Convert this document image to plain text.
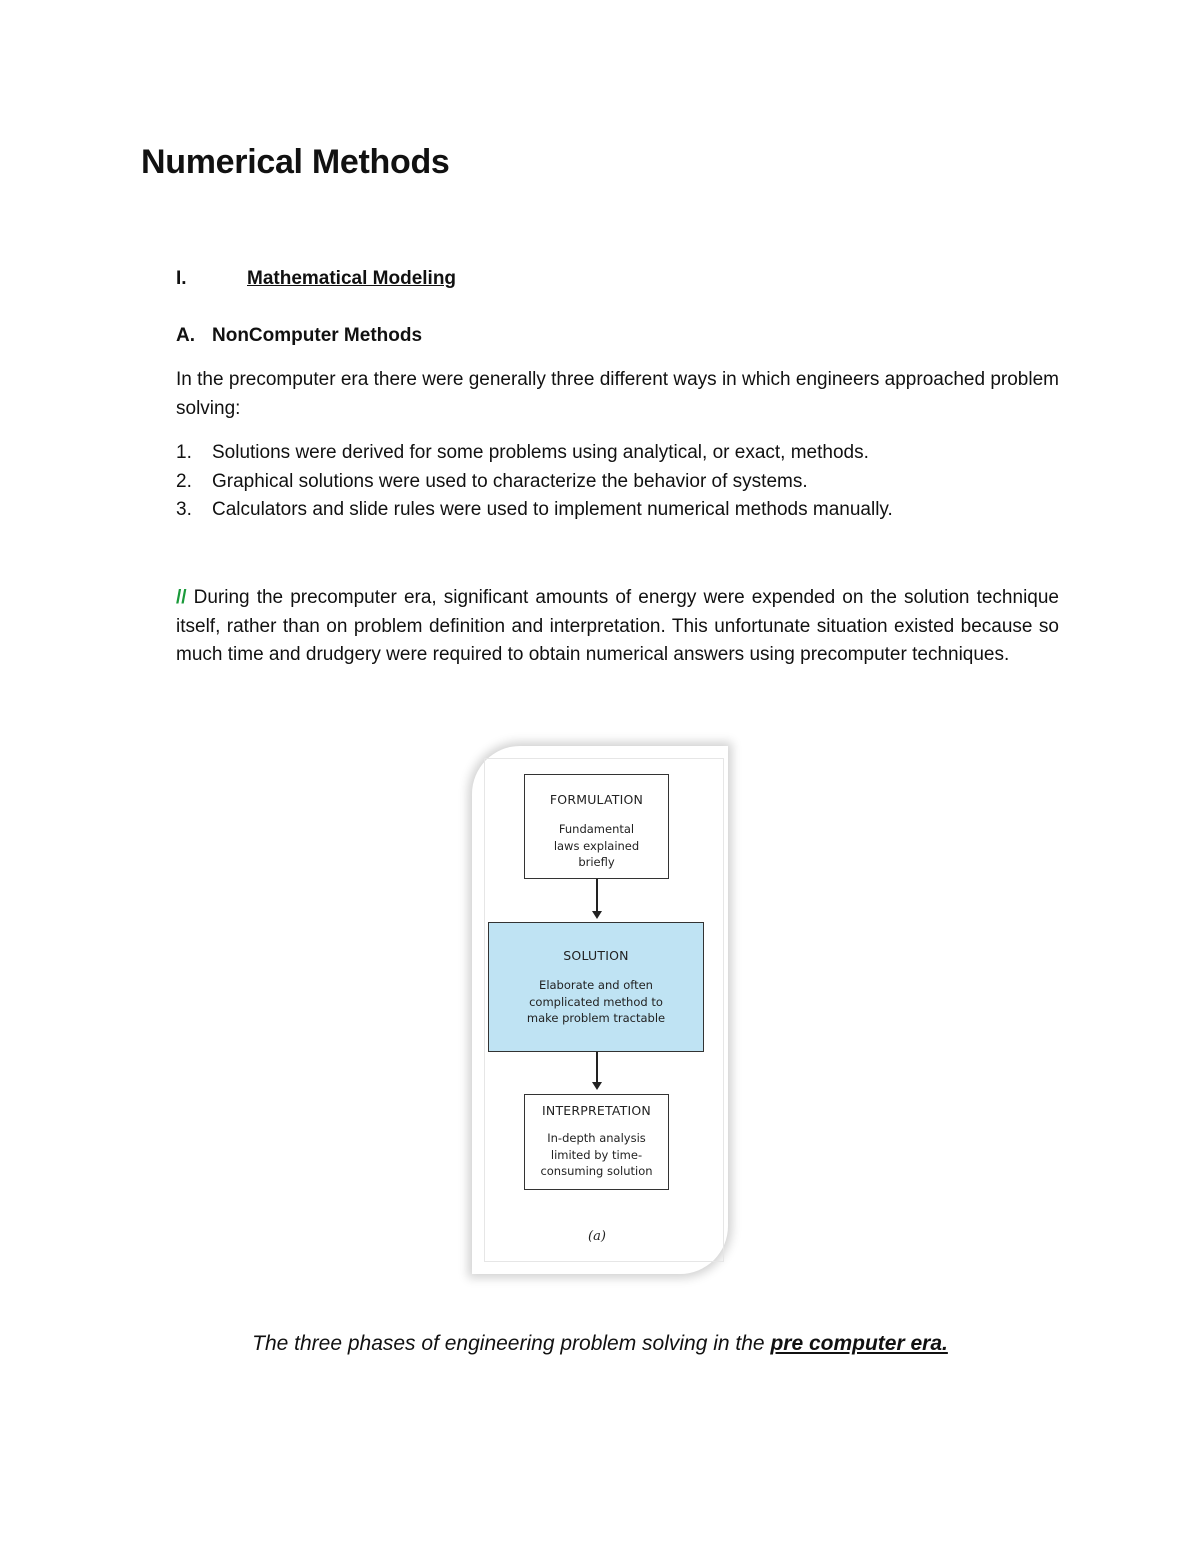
Numerical Methods
I.	Mathematical Modeling
A. NonComputer Methods

In the precomputer era there were generally three different ways in which engineers approached problem solving:

1. Solutions were derived for some problems using analytical, or exact, methods.
2. Graphical solutions were used to characterize the behavior of systems.
3. Calculators and slide rules were used to implement numerical methods manually.

// During the precomputer era, significant amounts of energy were expended on the solution technique itself, rather than on problem definition and interpretation. This unfortunate situation existed because so much time and drudgery were required to obtain numerical answers using precomputer techniques.

FORMULATION
Fundamental
laws explained
briefly
SOLUTION
Elaborate and often
complicated method to
make problem tractable
INTERPRETATION
In-depth analysis
limited by time-
consuming solution
(a)
The three phases of engineering problem solving in the pre computer era.
